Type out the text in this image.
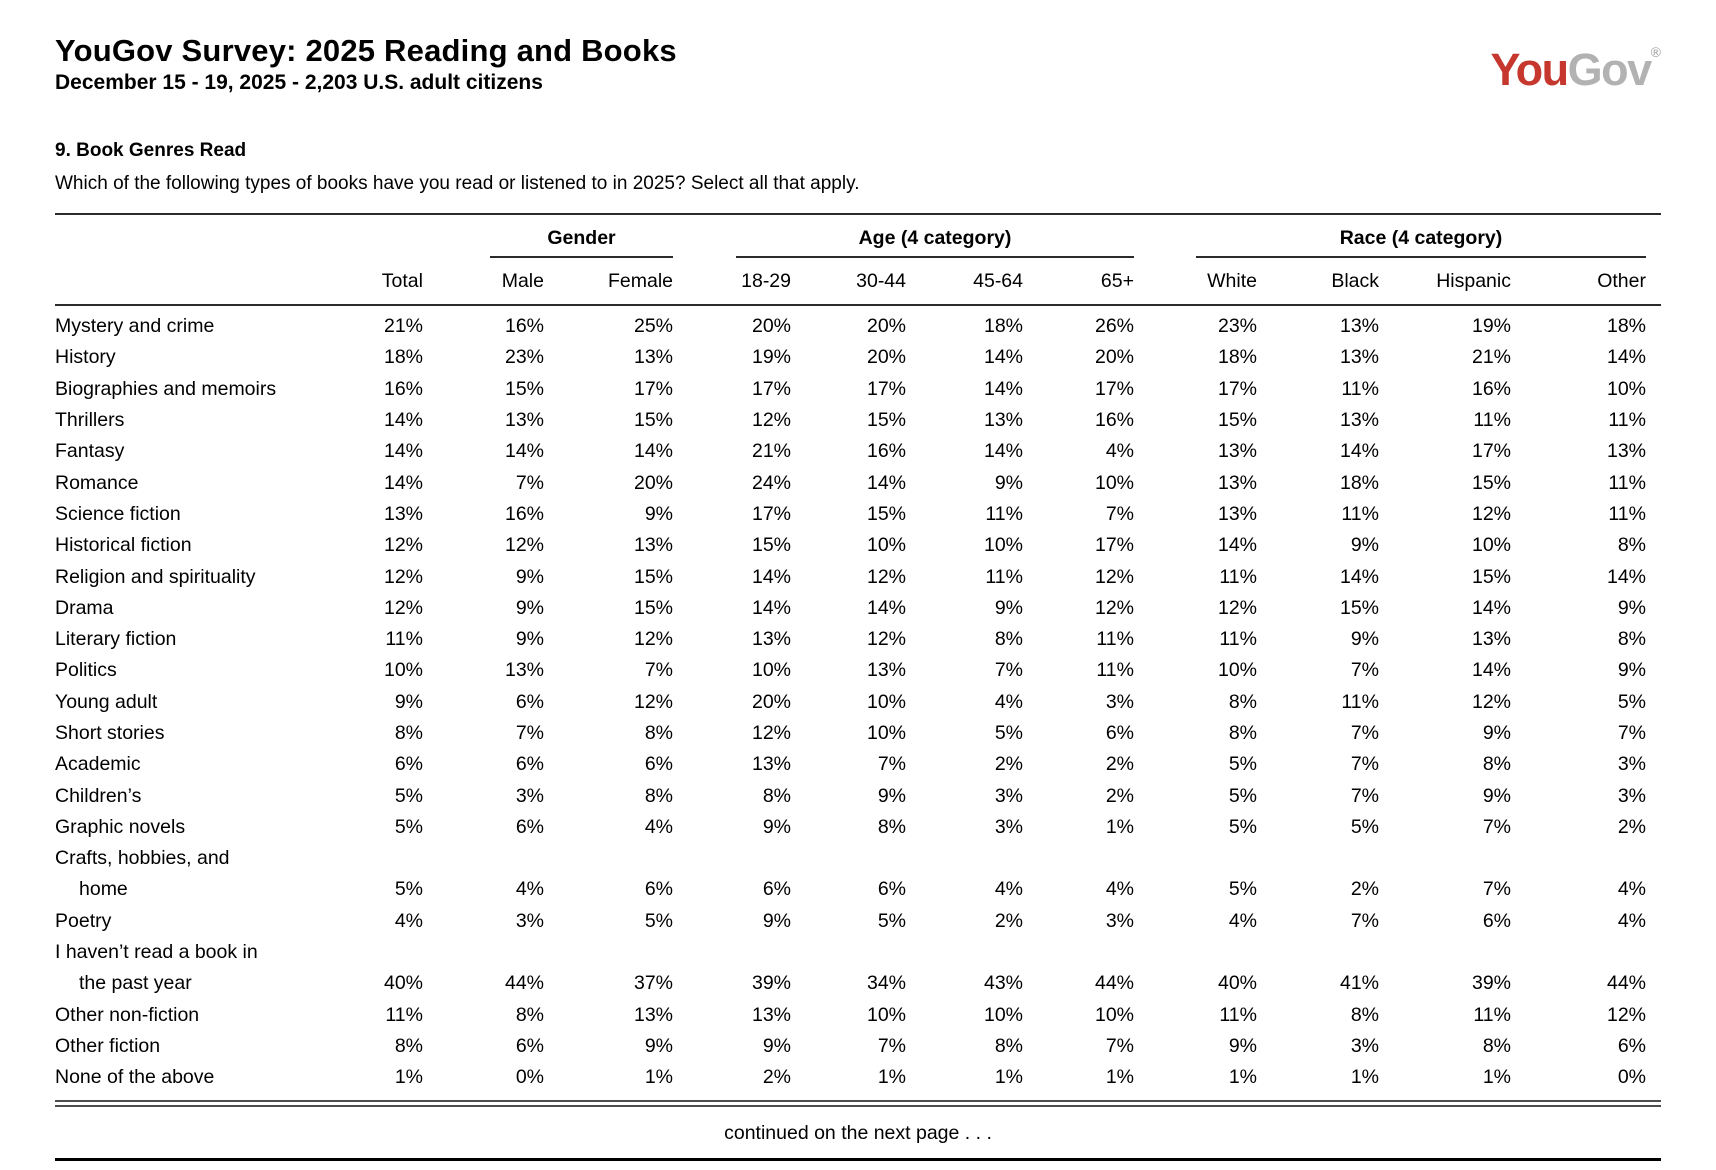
YouGov Survey: 2025 Reading and Books
December 15 - 19, 2025 - 2,203 U.S. adult citizens	YouGov®
9. Book Genres Read
Which of the following types of books have you read or listened to in 2025? Select all that apply.

		Gender		Age (4 category)				Race (4 category)			

	Total	Male	Female	18-29	30-44	45-64	65+	White	Black	Hispanic	Other

Mystery and crime	21%	16%	25%	20%	20%	18%	26%	23%	13%	19%	18%

History	18%	23%	13%	19%	20%	14%	20%	18%	13%	21%	14%

Biographies and memoirs	16%	15%	17%	17%	17%	14%	17%	17%	11%	16%	10%

Thrillers	14%	13%	15%	12%	15%	13%	16%	15%	13%	11%	11%

Fantasy	14%	14%	14%	21%	16%	14%	4%	13%	14%	17%	13%

Romance	14%	7%	20%	24%	14%	9%	10%	13%	18%	15%	11%

Science fiction	13%	16%	9%	17%	15%	11%	7%	13%	11%	12%	11%

Historical fiction	12%	12%	13%	15%	10%	10%	17%	14%	9%	10%	8%

Religion and spirituality	12%	9%	15%	14%	12%	11%	12%	11%	14%	15%	14%

Drama	12%	9%	15%	14%	14%	9%	12%	12%	15%	14%	9%

Literary fiction	11%	9%	12%	13%	12%	8%	11%	11%	9%	13%	8%

Politics	10%	13%	7%	10%	13%	7%	11%	10%	7%	14%	9%

Young adult	9%	6%	12%	20%	10%	4%	3%	8%	11%	12%	5%

Short stories	8%	7%	8%	12%	10%	5%	6%	8%	7%	9%	7%

Academic	6%	6%	6%	13%	7%	2%	2%	5%	7%	8%	3%

Children’s	5%	3%	8%	8%	9%	3%	2%	5%	7%	9%	3%

Graphic novels	5%	6%	4%	9%	8%	3%	1%	5%	5%	7%	2%

Crafts, hobbies, and
home	5%	4%	6%	6%	6%	4%	4%	5%	2%	7%	4%

Poetry	4%	3%	5%	9%	5%	2%	3%	4%	7%	6%	4%

I haven’t read a book in
the past year	40%	44%	37%	39%	34%	43%	44%	40%	41%	39%	44%

Other non-fiction	11%	8%	13%	13%	10%	10%	10%	11%	8%	11%	12%

Other fiction	8%	6%	9%	9%	7%	8%	7%	9%	3%	8%	6%

None of the above	1%	0%	1%	2%	1%	1%	1%	1%	1%	1%	0%
continued on the next page . . .
